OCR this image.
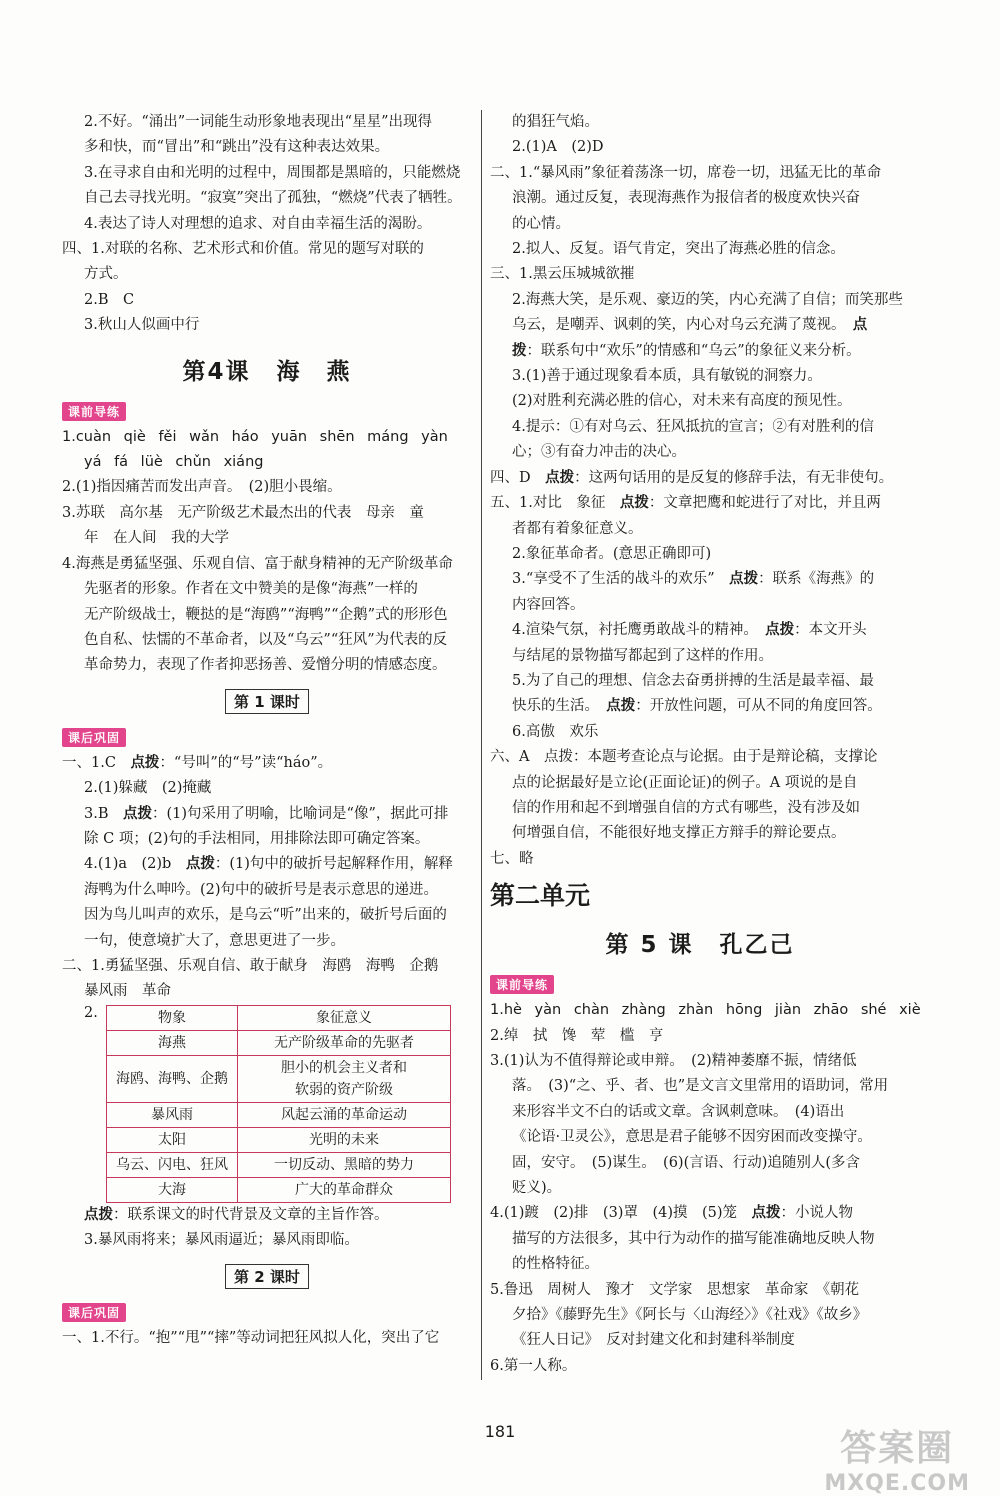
2.不好。“涌出”一词能生动形象地表现出“星星”出现得
多和快，而“冒出”和“跳出”没有这种表达效果。
3.在寻求自由和光明的过程中，周围都是黑暗的，只能燃烧
自己去寻找光明。“寂寞”突出了孤独，“燃烧”代表了牺牲。
4.表达了诗人对理想的追求、对自由幸福生活的渴盼。
四、1.对联的名称、艺术形式和价值。常见的题写对联的
方式。
2.B　C
3.秋山人似画中行
第4课 海　燕
课前导练
1.cuàn qiè fěi wǎn háo yuān shēn máng yàn
yá fá lüè chǔn xiáng
2.(1)指因痛苦而发出声音。　(2)胆小畏缩。
3.苏联　高尔基　无产阶级艺术最杰出的代表　母亲　童
年　在人间　我的大学
4.海燕是勇猛坚强、乐观自信、富于献身精神的无产阶级革命
先驱者的形象。作者在文中赞美的是像“海燕”一样的
无产阶级战士，鞭挞的是“海鸥”“海鸭”“企鹅”式的形形色
色自私、怯懦的不革命者，以及“乌云”“狂风”为代表的反
革命势力，表现了作者抑恶扬善、爱憎分明的情感态度。
第 1 课时
课后巩固
一、1.C　点拨：“号叫”的“号”读“háo”。
2.(1)躲藏　(2)掩藏
3.B　点拨：(1)句采用了明喻，比喻词是“像”，据此可排
除 C 项；(2)句的手法相同，用排除法即可确定答案。
4.(1)a　(2)b　点拨：(1)句中的破折号起解释作用，解释
海鸭为什么呻吟。(2)句中的破折号是表示意思的递进。
因为鸟儿叫声的欢乐，是乌云“听”出来的，破折号后面的
一句，使意境扩大了，意思更进了一步。
二、1.勇猛坚强、乐观自信、敢于献身　海鸥　海鸭　企鹅
暴风雨　革命
2.	物象	象征意义
海燕	无产阶级革命的先驱者
海鸥、海鸭、企鹅	胆小的机会主义者和
软弱的资产阶级

暴风雨	风起云涌的革命运动
太阳	光明的未来
乌云、闪电、狂风	一切反动、黑暗的势力
大海	广大的革命群众
点拨：联系课文的时代背景及文章的主旨作答。
3.暴风雨将来；暴风雨逼近；暴风雨即临。
第 2 课时
课后巩固
一、1.不行。“抱”“甩”“摔”等动词把狂风拟人化，突出了它
的猖狂气焰。
2.(1)A　(2)D
二、1.“暴风雨”象征着荡涤一切，席卷一切，迅猛无比的革命
浪潮。通过反复，表现海燕作为报信者的极度欢快兴奋
的心情。
2.拟人、反复。语气肯定，突出了海燕必胜的信念。
三、1.黑云压城城欲摧
2.海燕大笑，是乐观、豪迈的笑，内心充满了自信；而笑那些
乌云，是嘲弄、讽刺的笑，内心对乌云充满了蔑视。　 点
拨：联系句中“欢乐”的情感和“乌云”的象征义来分析。
3.(1)善于通过现象看本质，具有敏锐的洞察力。
(2)对胜利充满必胜的信心，对未来有高度的预见性。
4.提示：①有对乌云、狂风抵抗的宣言；②有对胜利的信
心；③有奋力冲击的决心。
四、D　点拨：这两句话用的是反复的修辞手法，有无非使句。
五、1.对比　象征　点拨：文章把鹰和蛇进行了对比，并且两
者都有着象征意义。
2.象征革命者。(意思正确即可)
3.“享受不了生活的战斗的欢乐”　点拨：联系《海燕》的
内容回答。
4.渲染气氛，衬托鹰勇敢战斗的精神。　点拨：本文开头
与结尾的景物描写都起到了这样的作用。
5.为了自己的理想、信念去奋勇拼搏的生活是最幸福、最
快乐的生活。　点拨：开放性问题，可从不同的角度回答。
6.高傲　欢乐
六、A　点拨：本题考查论点与论据。由于是辩论稿，支撑论
点的论据最好是立论(正面论证)的例子。A 项说的是自
信的作用和起不到增强自信的方式有哪些，没有涉及如
何增强自信，不能很好地支撑正方辩手的辩论要点。
七、略
第二单元
第 5 课 孔乙己
课前导练
1.hè yàn chàn zhàng zhàn hōng jiàn zhāo shé xiè
2.绰　拭　馋　荤　槛　亨
3.(1)认为不值得辩论或申辩。　(2)精神萎靡不振，情绪低
落。　(3)“之、乎、者、也”是文言文里常用的语助词，常用
来形容半文不白的话或文章。含讽刺意味。　(4)语出
《论语·卫灵公》，意思是君子能够不因穷困而改变操守。
固，安守。　(5)谋生。　(6)(言语、行动)追随别人(多含
贬义)。
4.(1)踱　(2)排　(3)罩　(4)摸　(5)笼　点拨：小说人物
描写的方法很多，其中行为动作的描写能准确地反映人物
的性格特征。
5.鲁迅　周树人　豫才　文学家　思想家　革命家　《朝花
夕拾》《藤野先生》《阿长与〈山海经〉》《社戏》《故乡》
《狂人日记》　反对封建文化和封建科举制度
6.第一人称。
181	答案圈
MXQE.COM
